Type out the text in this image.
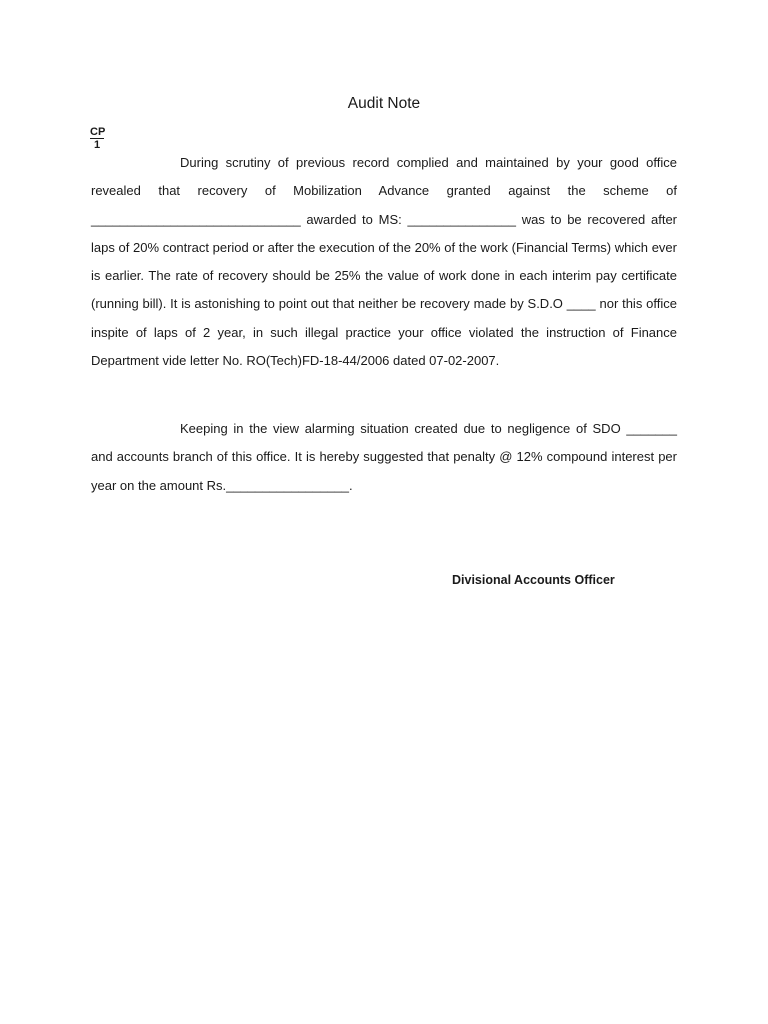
Audit Note
$\frac{CP}{1}$

During scrutiny of previous record complied and maintained by your good office revealed that recovery of Mobilization Advance granted against the scheme of _____________________________ awarded to MS: _______________ was to be recovered after laps of 20% contract period or after the execution of the 20% of the work (Financial Terms) which ever is earlier. The rate of recovery should be 25% the value of work done in each interim pay certificate (running bill). It is astonishing to point out that neither be recovery made by S.D.O ____ nor this office inspite of laps of 2 year, in such illegal practice your office violated the instruction of Finance Department vide letter No. RO(Tech)FD-18-44/2006 dated 07-02-2007.

Keeping in the view alarming situation created due to negligence of SDO _______ and accounts branch of this office. It is hereby suggested that penalty @ 12% compound interest per year on the amount Rs._________________.

Divisional Accounts Officer
